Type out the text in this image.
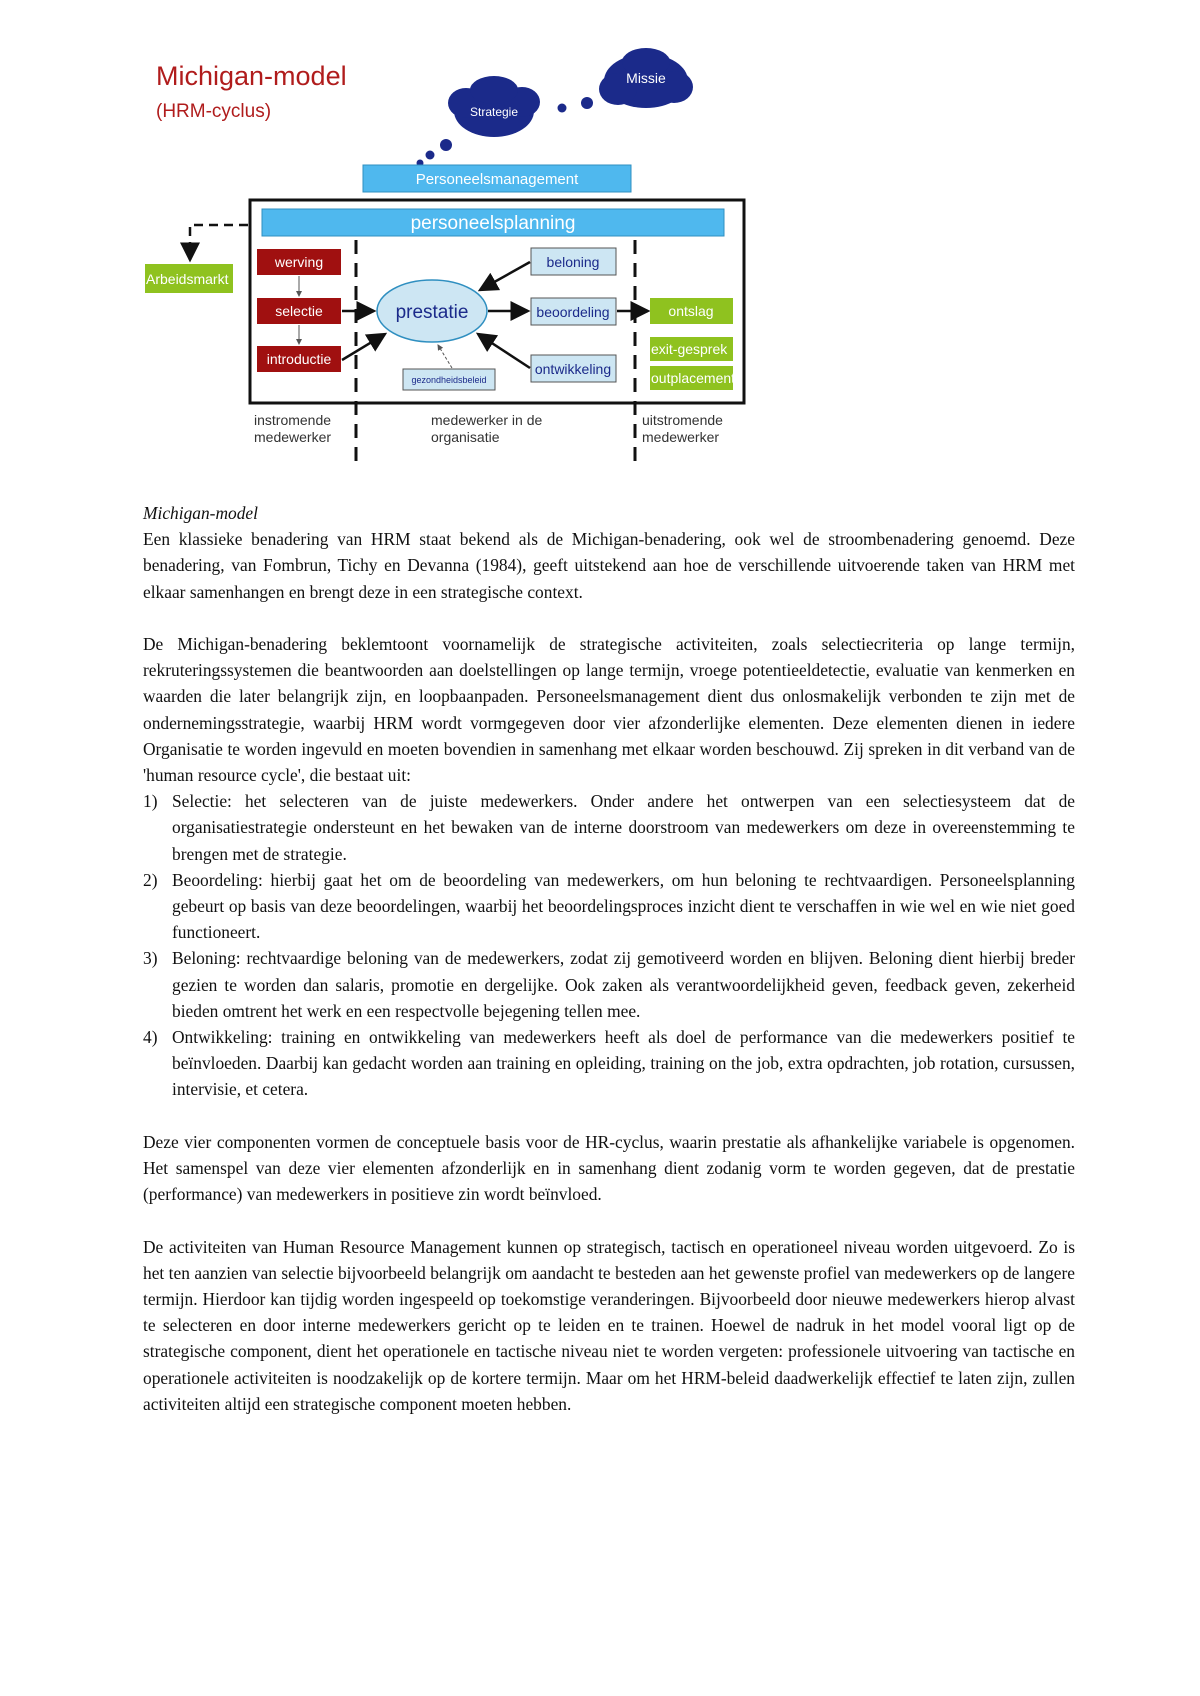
Michigan-model
(HRM-cyclus)	Strategie
Missie
Personeelsmanagement
personeelsplanning
Arbeidsmarkt
werving
selectie
introductie
prestatie
beloning
beoordeling
ontwikkeling
gezondheidsbeleid
ontslag
exit-gesprek
outplacement
instromende
medewerker
medewerker in de
organisatie
uitstromende
medewerker

Michigan-model

Een klassieke benadering van HRM staat bekend als de Michigan-benadering, ook wel de stroombenadering genoemd. Deze benadering, van Fombrun, Tichy en Devanna (1984), geeft uitstekend aan hoe de verschillende uitvoerende taken van HRM met elkaar samenhangen en brengt deze in een strategische context.

De Michigan-benadering beklemtoont voornamelijk de strategische activiteiten, zoals selectiecriteria op lange termijn, rekruteringssystemen die beantwoorden aan doelstellingen op lange termijn, vroege potentieeldetectie, evaluatie van kenmerken en waarden die later belangrijk zijn, en loopbaanpaden. Personeelsmanagement dient dus onlosmakelijk verbonden te zijn met de ondernemingsstrategie, waarbij HRM wordt vormgegeven door vier afzonderlijke elementen. Deze elementen dienen in iedere Organisatie te worden ingevuld en moeten bovendien in samenhang met elkaar worden beschouwd. Zij spreken in dit verband van de 'human resource cycle', die bestaat uit:

1) Selectie: het selecteren van de juiste medewerkers. Onder andere het ontwerpen van een selectiesysteem dat de organisatiestrategie ondersteunt en het bewaken van de interne doorstroom van medewerkers om deze in overeenstemming te brengen met de strategie.
2) Beoordeling: hierbij gaat het om de beoordeling van medewerkers, om hun beloning te rechtvaardigen. Personeelsplanning gebeurt op basis van deze beoordelingen, waarbij het beoordelingsproces inzicht dient te verschaffen in wie wel en wie niet goed functioneert.
3) Beloning: rechtvaardige beloning van de medewerkers, zodat zij gemotiveerd worden en blijven. Beloning dient hierbij breder gezien te worden dan salaris, promotie en dergelijke. Ook zaken als verantwoordelijkheid geven, feedback geven, zekerheid bieden omtrent het werk en een respectvolle bejegening tellen mee.
4) Ontwikkeling: training en ontwikkeling van medewerkers heeft als doel de performance van die medewerkers positief te beïnvloeden. Daarbij kan gedacht worden aan training en opleiding, training on the job, extra opdrachten, job rotation, cursussen, intervisie, et cetera.

Deze vier componenten vormen de conceptuele basis voor de HR-cyclus, waarin prestatie als afhankelijke variabele is opgenomen. Het samenspel van deze vier elementen afzonderlijk en in samenhang dient zodanig vorm te worden gegeven, dat de prestatie (performance) van medewerkers in positieve zin wordt beïnvloed.

De activiteiten van Human Resource Management kunnen op strategisch, tactisch en operationeel niveau worden uitgevoerd. Zo is het ten aanzien van selectie bijvoorbeeld belangrijk om aandacht te besteden aan het gewenste profiel van medewerkers op de langere termijn. Hierdoor kan tijdig worden ingespeeld op toekomstige veranderingen. Bijvoorbeeld door nieuwe medewerkers hierop alvast te selecteren en door interne medewerkers gericht op te leiden en te trainen. Hoewel de nadruk in het model vooral ligt op de strategische component, dient het operationele en tactische niveau niet te worden vergeten: professionele uitvoering van tactische en operationele activiteiten is noodzakelijk op de kortere termijn. Maar om het HRM-beleid daadwerkelijk effectief te laten zijn, zullen activiteiten altijd een strategische component moeten hebben.
